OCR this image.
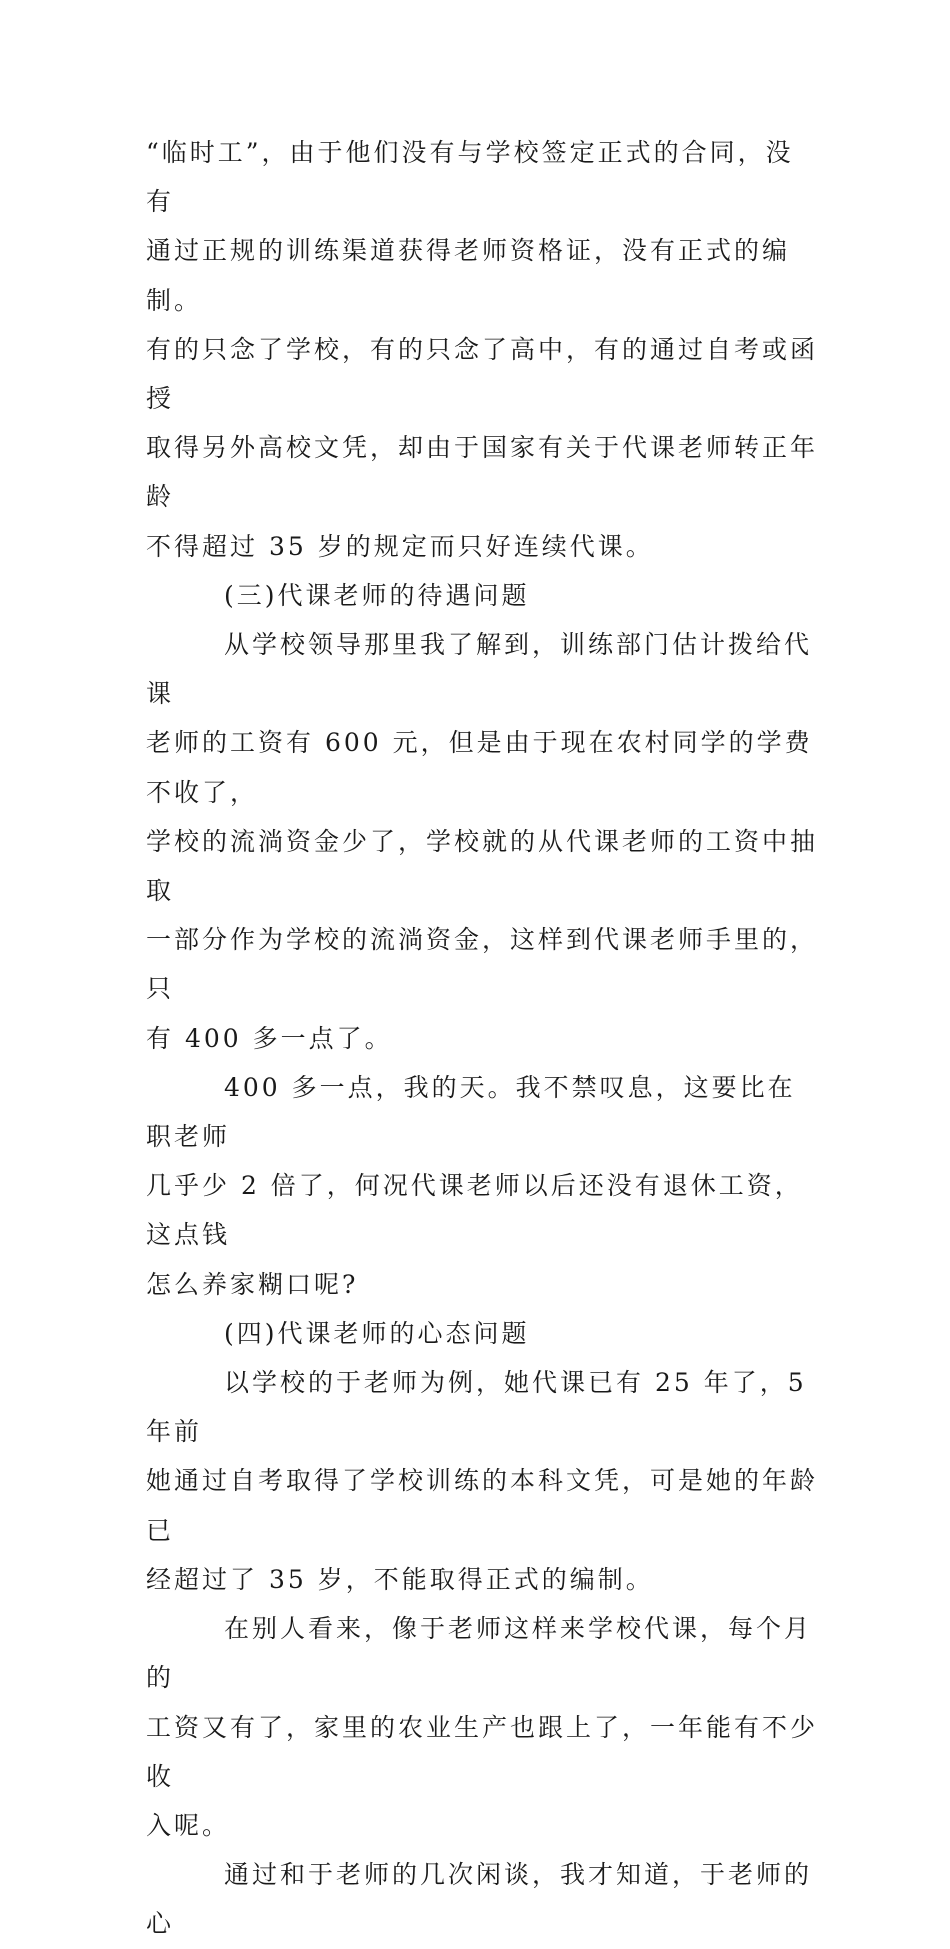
“临时工”，由于他们没有与学校签定正式的合同，没有
通过正规的训练渠道获得老师资格证，没有正式的编制。
有的只念了学校，有的只念了高中，有的通过自考或函授
取得另外高校文凭，却由于国家有关于代课老师转正年龄
不得超过 35 岁的规定而只好连续代课。

(三)代课老师的待遇问题

从学校领导那里我了解到，训练部门估计拨给代课
老师的工资有 600 元，但是由于现在农村同学的学费不收了，
学校的流淌资金少了，学校就的从代课老师的工资中抽取
一部分作为学校的流淌资金，这样到代课老师手里的，只
有 400 多一点了。

400 多一点，我的天。我不禁叹息，这要比在职老师
几乎少 2 倍了，何况代课老师以后还没有退休工资，这点钱
怎么养家糊口呢?

(四)代课老师的心态问题

以学校的于老师为例，她代课已有 25 年了，5 年前
她通过自考取得了学校训练的本科文凭，可是她的年龄已
经超过了 35 岁，不能取得正式的编制。

在别人看来，像于老师这样来学校代课，每个月的
工资又有了，家里的农业生产也跟上了，一年能有不少收
入呢。

通过和于老师的几次闲谈，我才知道，于老师的心
